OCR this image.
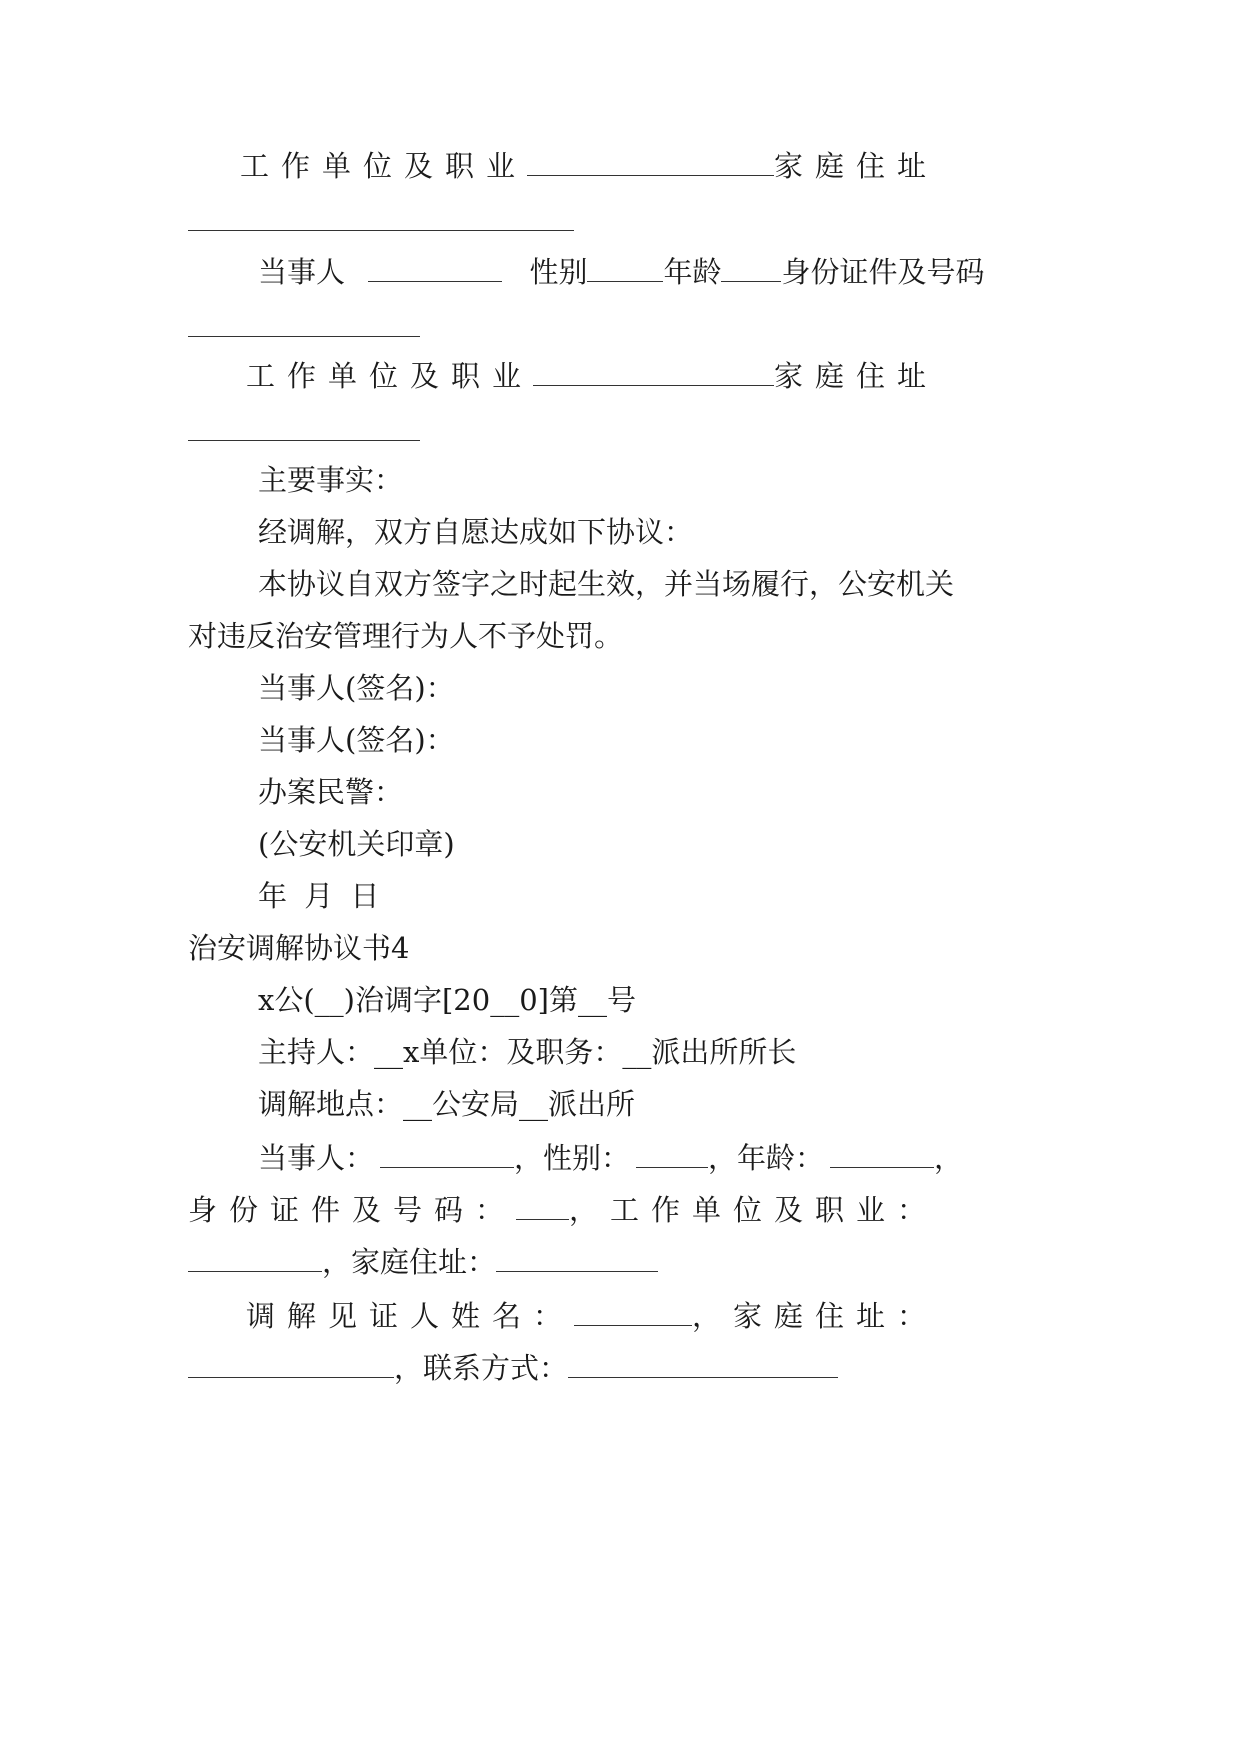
工作单位及职业	家庭住址
当事人	性别	年龄 身份证件及号码
工作单位及职业	家庭住址
主要事实：
经调解，双方自愿达成如下协议：
本协议自双方签字之时起生效，并当场履行，公安机关
对违反治安管理行为人不予处罚。
当事人(签名)：
当事人(签名)：
办案民警：
(公安机关印章)
年 月 日
治安调解协议书4
x公(__)治调字[20__0]第__号
主持人：__x单位：及职务：__派出所所长
调解地点：__公安局__派出所
当事人：	，性别：	，年龄：	，
身份证件及号码： ，工作单位及职业：
，家庭住址：
调解见证人姓名：	，家庭住址：
，联系方式：
